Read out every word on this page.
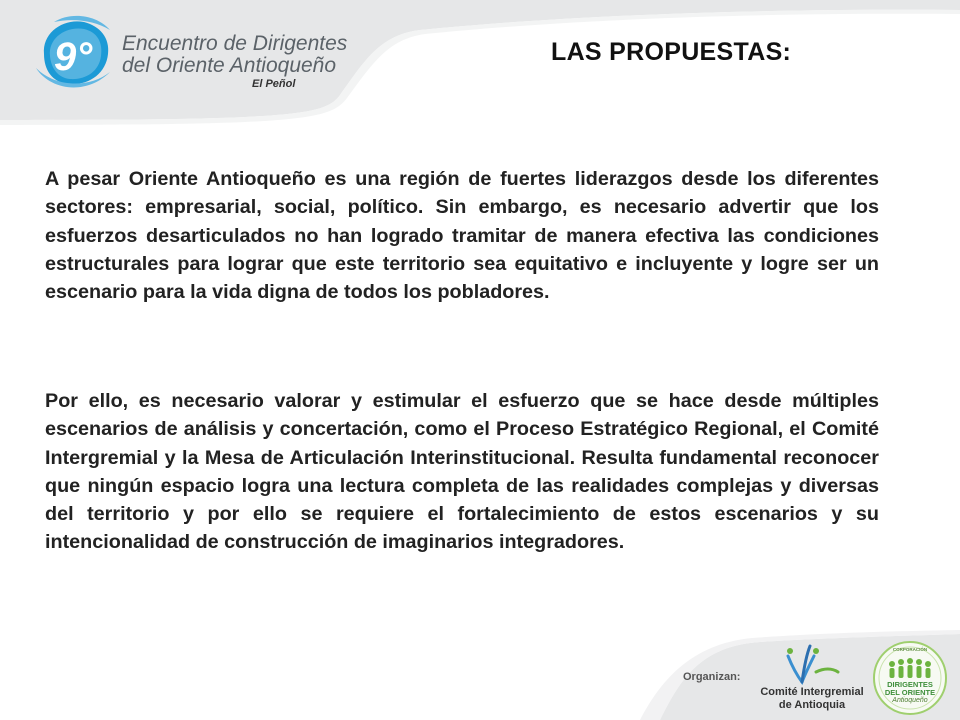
9° Encuentro de Dirigentes
del Oriente Antioqueño
El Peñol
LAS PROPUESTAS:

A pesar Oriente Antioqueño es una región de fuertes liderazgos desde los diferentes sectores: empresarial, social, político. Sin embargo, es necesario advertir que los esfuerzos desarticulados no han logrado tramitar de manera efectiva las condiciones estructurales para lograr que este territorio sea equitativo e incluyente y logre ser un escenario para la vida digna de todos los pobladores.

Por ello, es necesario valorar y estimular el esfuerzo que se hace desde múltiples escenarios de análisis y concertación, como el Proceso Estratégico Regional, el Comité Intergremial y la Mesa de Articulación Interinstitucional. Resulta fundamental reconocer que ningún espacio logra una lectura completa de las realidades complejas y diversas del territorio y por ello se requiere el fortalecimiento de estos escenarios y su intencionalidad de construcción de imaginarios integradores.

Organizan:
Comité Intergremial
de Antioquia
CORPORACIÓN
DIRIGENTES
DEL ORIENTE
Antioqueño
